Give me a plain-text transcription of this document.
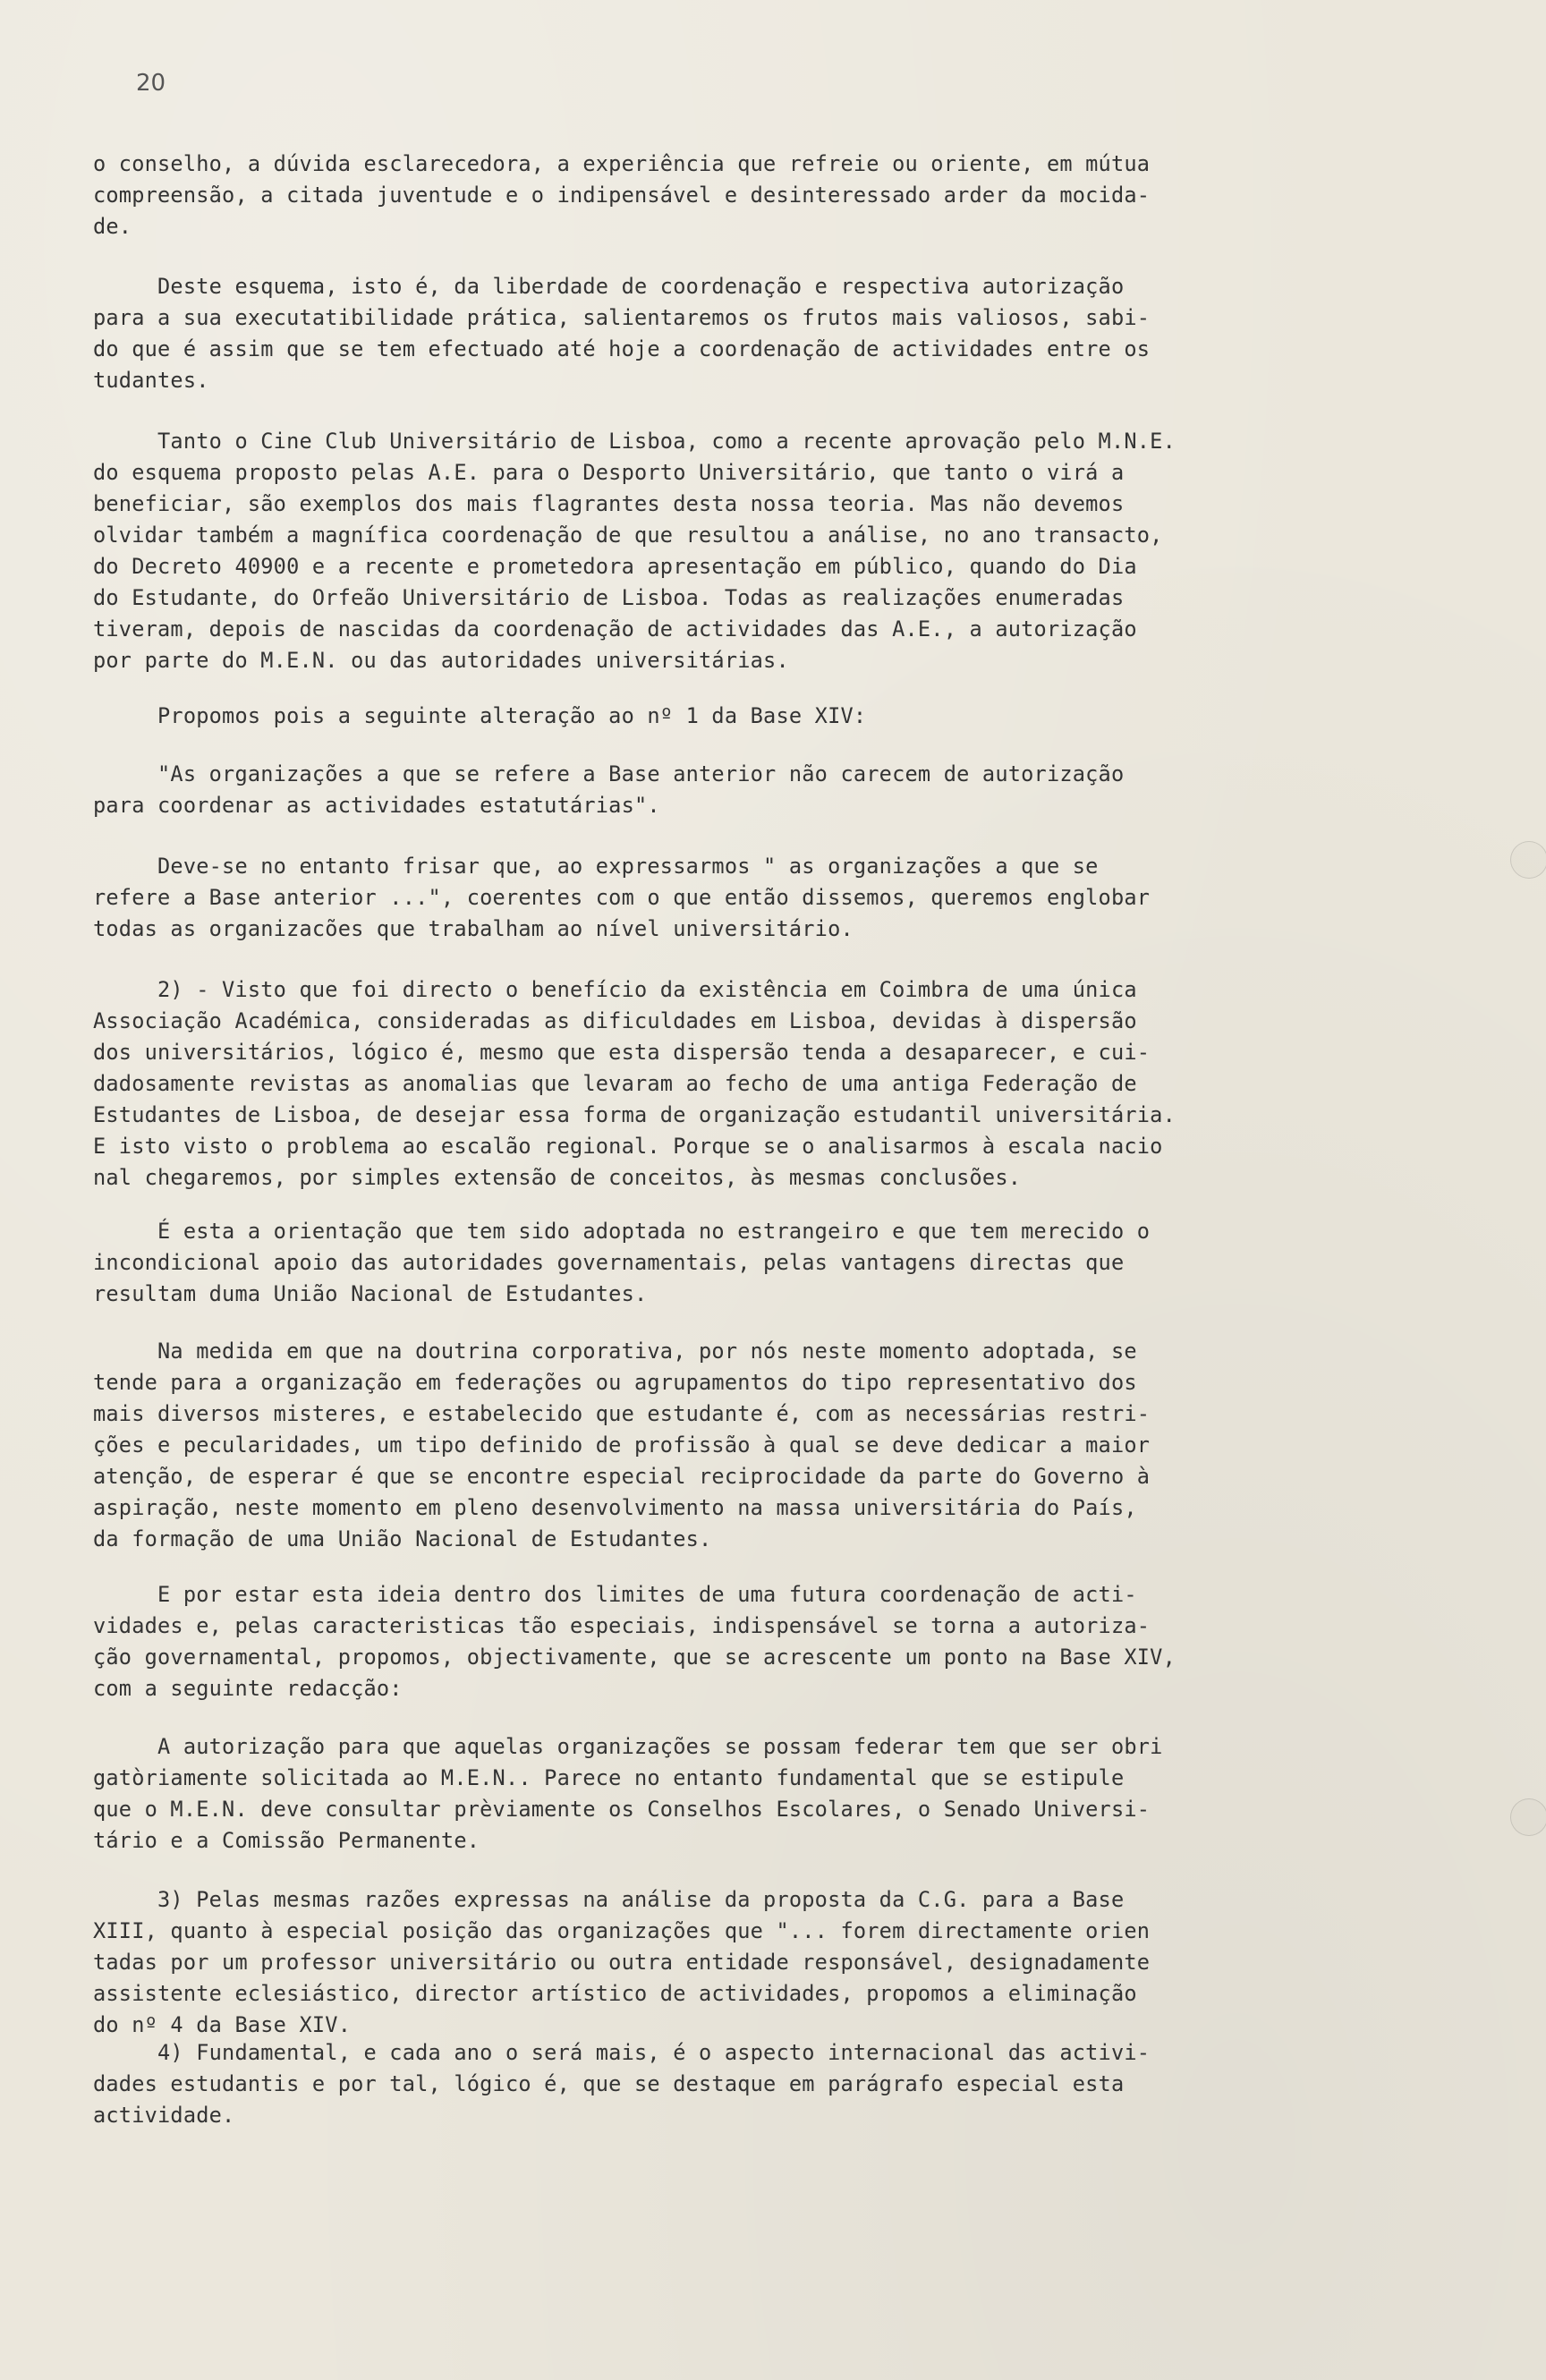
20
o conselho, a dúvida esclarecedora, a experiência que refreie ou oriente, em mútua
compreensão, a citada juventude e o indipensável e desinteressado arder da mocida-
de.
Deste esquema, isto é, da liberdade de coordenação e respectiva autorização
para a sua executatibilidade prática, salientaremos os frutos mais valiosos, sabi-
do que é assim que se tem efectuado até hoje a coordenação de actividades entre os
tudantes.
Tanto o Cine Club Universitário de Lisboa, como a recente aprovação pelo M.N.E.
do esquema proposto pelas A.E. para o Desporto Universitário, que tanto o virá a
beneficiar, são exemplos dos mais flagrantes desta nossa teoria. Mas não devemos
olvidar também a magnífica coordenação de que resultou a análise, no ano transacto,
do Decreto 40900 e a recente e prometedora apresentação em público, quando do Dia
do Estudante, do Orfeão Universitário de Lisboa. Todas as realizações enumeradas
tiveram, depois de nascidas da coordenação de actividades das A.E., a autorização
por parte do M.E.N. ou das autoridades universitárias.
Propomos pois a seguinte alteração ao nº 1 da Base XIV:
"As organizações a que se refere a Base anterior não carecem de autorização
para coordenar as actividades estatutárias".
Deve-se no entanto frisar que, ao expressarmos " as organizações a que se
refere a Base anterior ...", coerentes com o que então dissemos, queremos englobar
todas as organizacões que trabalham ao nível universitário.
2) - Visto que foi directo o benefício da existência em Coimbra de uma única
Associação Académica, consideradas as dificuldades em Lisboa, devidas à dispersão
dos universitários, lógico é, mesmo que esta dispersão tenda a desaparecer, e cui-
dadosamente revistas as anomalias que levaram ao fecho de uma antiga Federação de
Estudantes de Lisboa, de desejar essa forma de organização estudantil universitária.
E isto visto o problema ao escalão regional. Porque se o analisarmos à escala nacio
nal chegaremos, por simples extensão de conceitos, às mesmas conclusões.
É esta a orientação que tem sido adoptada no estrangeiro e que tem merecido o
incondicional apoio das autoridades governamentais, pelas vantagens directas que
resultam duma União Nacional de Estudantes.
Na medida em que na doutrina corporativa, por nós neste momento adoptada, se
tende para a organização em federações ou agrupamentos do tipo representativo dos
mais diversos misteres, e estabelecido que estudante é, com as necessárias restri-
ções e pecularidades, um tipo definido de profissão à qual se deve dedicar a maior
atenção, de esperar é que se encontre especial reciprocidade da parte do Governo à
aspiração, neste momento em pleno desenvolvimento na massa universitária do País,
da formação de uma União Nacional de Estudantes.
E por estar esta ideia dentro dos limites de uma futura coordenação de acti-
vidades e, pelas caracteristicas tão especiais, indispensável se torna a autoriza-
ção governamental, propomos, objectivamente, que se acrescente um ponto na Base XIV,
com a seguinte redacção:
A autorização para que aquelas organizações se possam federar tem que ser obri
gatòriamente solicitada ao M.E.N.. Parece no entanto fundamental que se estipule
que o M.E.N. deve consultar prèviamente os Conselhos Escolares, o Senado Universi-
tário e a Comissão Permanente.
3) Pelas mesmas razões expressas na análise da proposta da C.G. para a Base
XIII, quanto à especial posição das organizações que "... forem directamente orien
tadas por um professor universitário ou outra entidade responsável, designadamente
assistente eclesiástico, director artístico de actividades, propomos a eliminação
do nº 4 da Base XIV.
4) Fundamental, e cada ano o será mais, é o aspecto internacional das activi-
dades estudantis e por tal, lógico é, que se destaque em parágrafo especial esta
actividade.
